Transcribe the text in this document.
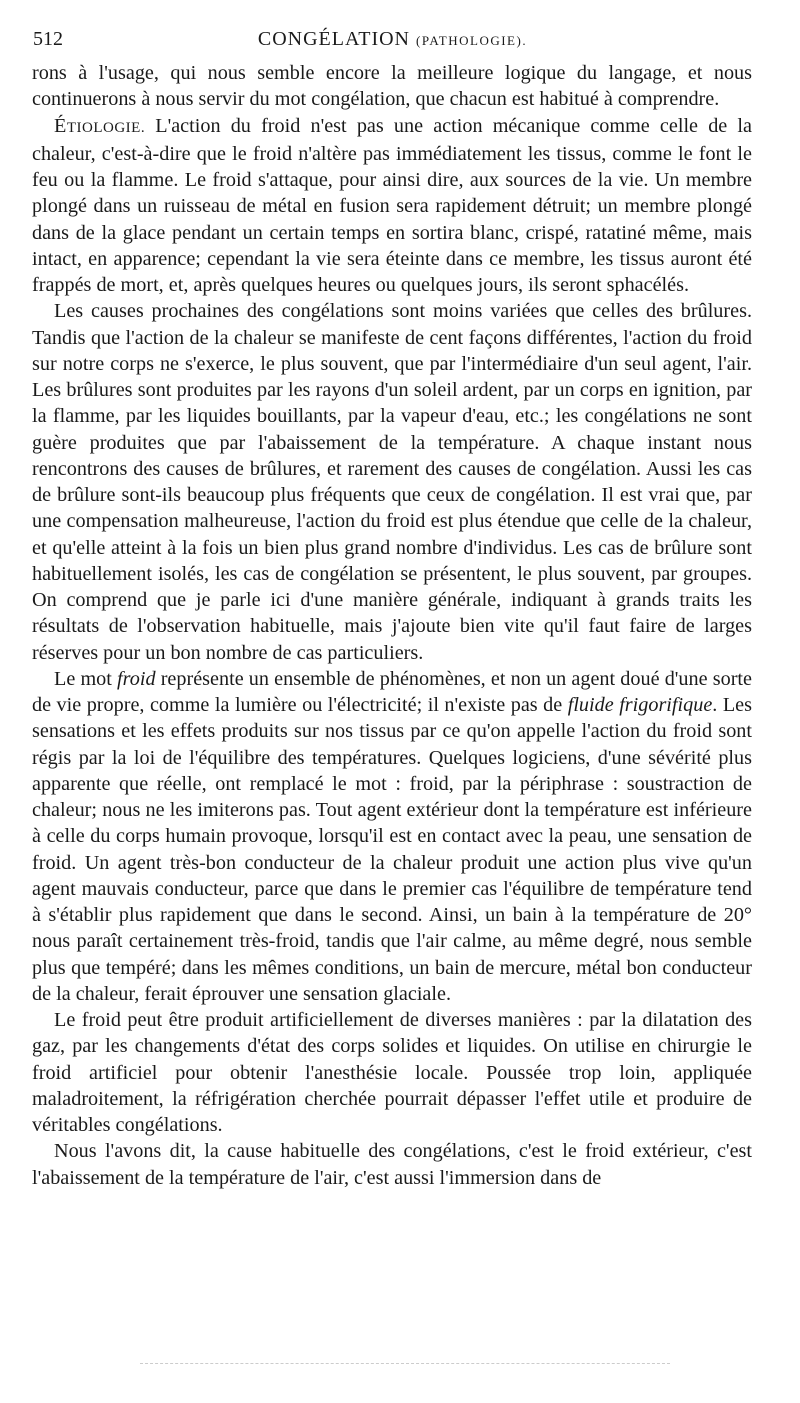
512	CONGÉLATION (PATHOLOGIE).

rons à l'usage, qui nous semble encore la meilleure logique du langage, et nous continuerons à nous servir du mot congélation, que chacun est habitué à comprendre.

ÉTIOLOGIE. L'action du froid n'est pas une action mécanique comme celle de la chaleur, c'est-à-dire que le froid n'altère pas immédiatement les tissus, comme le font le feu ou la flamme. Le froid s'attaque, pour ainsi dire, aux sources de la vie. Un membre plongé dans un ruisseau de métal en fusion sera rapidement détruit; un membre plongé dans de la glace pendant un certain temps en sortira blanc, crispé, ratatiné même, mais intact, en apparence; cependant la vie sera éteinte dans ce membre, les tissus auront été frappés de mort, et, après quelques heures ou quelques jours, ils seront sphacélés.

Les causes prochaines des congélations sont moins variées que celles des brûlures. Tandis que l'action de la chaleur se manifeste de cent façons différentes, l'action du froid sur notre corps ne s'exerce, le plus souvent, que par l'intermédiaire d'un seul agent, l'air. Les brûlures sont produites par les rayons d'un soleil ardent, par un corps en ignition, par la flamme, par les liquides bouillants, par la vapeur d'eau, etc.; les congélations ne sont guère produites que par l'abaissement de la température. A chaque instant nous rencontrons des causes de brûlures, et rarement des causes de congélation. Aussi les cas de brûlure sont-ils beaucoup plus fréquents que ceux de congélation. Il est vrai que, par une compensation malheureuse, l'action du froid est plus étendue que celle de la chaleur, et qu'elle atteint à la fois un bien plus grand nombre d'individus. Les cas de brûlure sont habituellement isolés, les cas de congélation se présentent, le plus souvent, par groupes. On comprend que je parle ici d'une manière générale, indiquant à grands traits les résultats de l'observation habituelle, mais j'ajoute bien vite qu'il faut faire de larges réserves pour un bon nombre de cas particuliers.

Le mot froid représente un ensemble de phénomènes, et non un agent doué d'une sorte de vie propre, comme la lumière ou l'électricité; il n'existe pas de fluide frigorifique. Les sensations et les effets produits sur nos tissus par ce qu'on appelle l'action du froid sont régis par la loi de l'équilibre des températures. Quelques logiciens, d'une sévérité plus apparente que réelle, ont remplacé le mot : froid, par la périphrase : soustraction de chaleur; nous ne les imiterons pas. Tout agent extérieur dont la température est inférieure à celle du corps humain provoque, lorsqu'il est en contact avec la peau, une sensation de froid. Un agent très-bon conducteur de la chaleur produit une action plus vive qu'un agent mauvais conducteur, parce que dans le premier cas l'équilibre de température tend à s'établir plus rapidement que dans le second. Ainsi, un bain à la température de 20° nous paraît certainement très-froid, tandis que l'air calme, au même degré, nous semble plus que tempéré; dans les mêmes conditions, un bain de mercure, métal bon conducteur de la chaleur, ferait éprouver une sensation glaciale.

Le froid peut être produit artificiellement de diverses manières : par la dilatation des gaz, par les changements d'état des corps solides et liquides. On utilise en chirurgie le froid artificiel pour obtenir l'anesthésie locale. Poussée trop loin, appliquée maladroitement, la réfrigération cherchée pourrait dépasser l'effet utile et produire de véritables congélations.

Nous l'avons dit, la cause habituelle des congélations, c'est le froid extérieur, c'est l'abaissement de la température de l'air, c'est aussi l'immersion dans de
